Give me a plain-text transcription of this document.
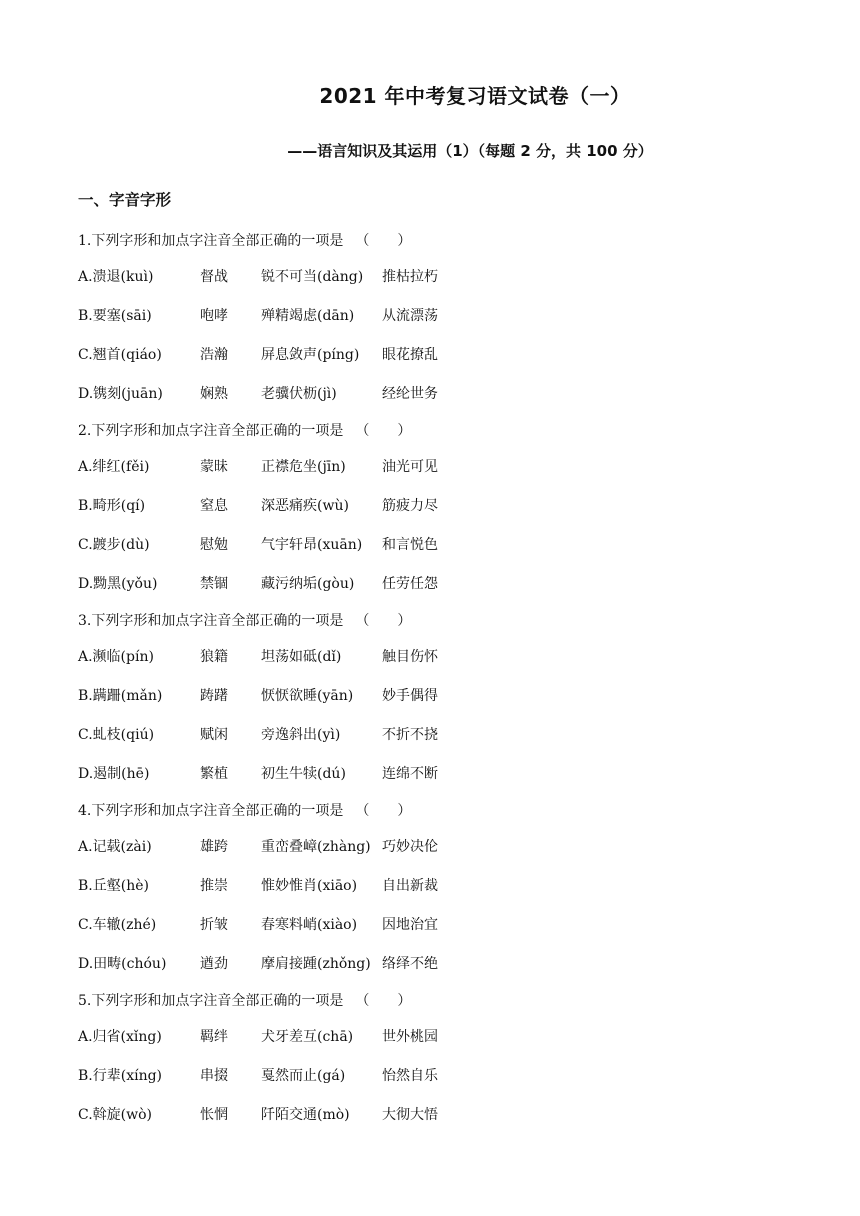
2021 年中考复习语文试卷（一）
——语言知识及其运用（1）（每题 2 分，共 100 分）
一、字音字形
1.下列字形和加点字注音全部正确的一项是 （　　）
A.溃退(kuì)	督战 锐不可当(dàng) 推枯拉朽
B.要塞(sāi)	咆哮 殚精竭虑(dān) 从流漂荡
C.翘首(qiáo)	浩瀚 屏息敛声(píng) 眼花撩乱
D.镌刻(juān)	娴熟 老骥伏枥(jì)	经纶世务
2.下列字形和加点字注音全部正确的一项是 （　　）
A.绯红(fěi)	蒙昧 正襟危坐(jīn)	油光可见
B.畸形(qí)	窒息 深恶痛疾(wù) 筋疲力尽
C.踱步(dù)	慰勉 气宇轩昂(xuān) 和言悦色
D.黝黑(yǒu)	禁锢 藏污纳垢(gòu) 任劳任怨
3.下列字形和加点字注音全部正确的一项是 （　　）
A.濒临(pín)	狼籍 坦荡如砥(dǐ)	触目伤怀
B.蹒跚(mǎn)	踌躇 恹恹欲睡(yān) 妙手偶得
C.虬枝(qiú)	赋闲 旁逸斜出(yì)	不折不挠
D.遏制(hē)	繁植 初生牛犊(dú)	连绵不断
4.下列字形和加点字注音全部正确的一项是 （　　）
A.记载(zài)	雄跨 重峦叠嶂(zhàng) 巧妙决伦
B.丘壑(hè)	推崇 惟妙惟肖(xiāo) 自出新裁
C.车辙(zhé)	折皱 春寒料峭(xiào) 因地治宜
D.田畴(chóu) 遒劲 摩肩接踵(zhǒng) 络绎不绝
5.下列字形和加点字注音全部正确的一项是 （　　）
A.归省(xǐng)	羁绊 犬牙差互(chā) 世外桃园
B.行辈(xíng)	串掇 戛然而止(gá)	怡然自乐
C.斡旋(wò)	怅惘 阡陌交通(mò) 大彻大悟
